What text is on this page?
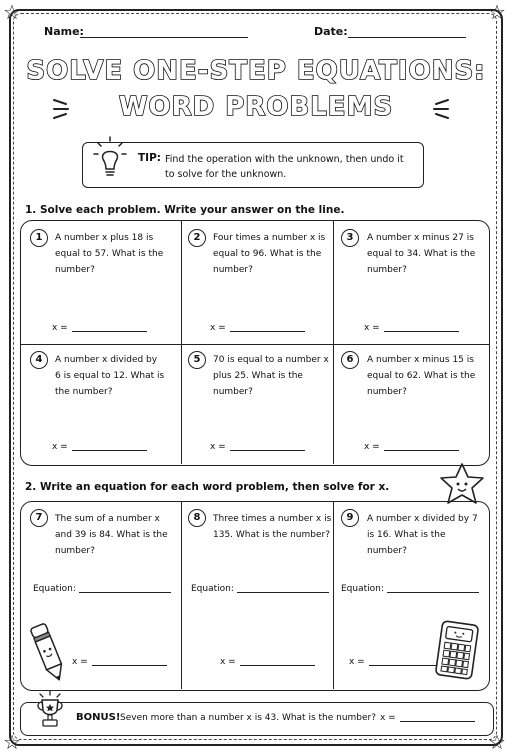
☆	☆
☆	☆
Name:	Date:
SOLVE ONE-STEP EQUATIONS:
WORD PROBLEMS
TIP: Find the operation with the unknown, then undo it to solve for the unknown.
1. Solve each problem. Write your answer on the line.
1	A number x plus 18 is equal to 57. What is the number?
x =
2	Four times a number x is equal to 96. What is the number?
x =
3	A number x minus 27 is equal to 34. What is the number?
x =
4	A number x divided by 6 is equal to 12. What is the number?
x =
5	70 is equal to a number x plus 25. What is the number?
x =
6	A number x minus 15 is equal to 62. What is the number?
x =
2. Write an equation for each word problem, then solve for x.
7	The sum of a number x and 39 is 84. What is the number?
Equation:
x =
8	Three times a number x is 135. What is the number?
Equation:
x =
9	A number x divided by 7 is 16. What is the number?
Equation:
x =
BONUS! Seven more than a number x is 43. What is the number? x =
